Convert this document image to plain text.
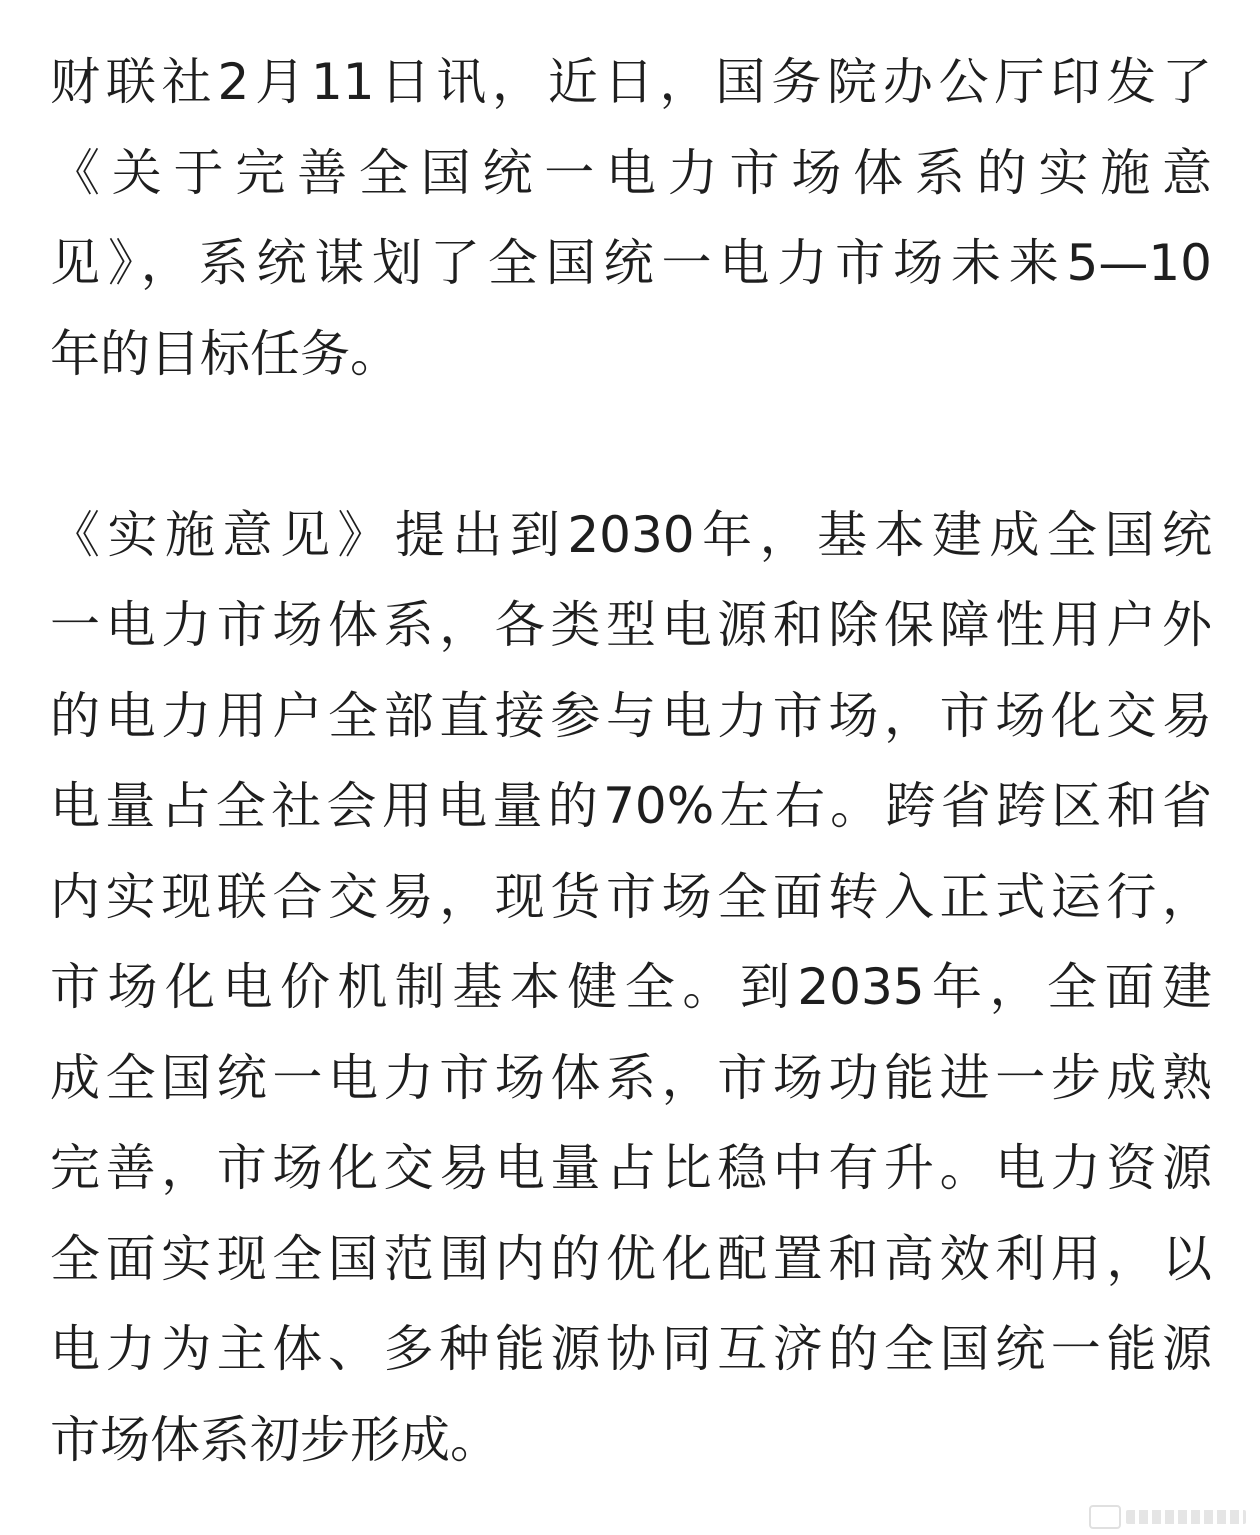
财联社2月11日讯，近日，国务院办公厅印发了
《关于完善全国统一电力市场体系的实施意
见》，系统谋划了全国统一电力市场未来5—10
年的目标任务。
《实施意见》提出到2030年，基本建成全国统
一电力市场体系，各类型电源和除保障性用户外
的电力用户全部直接参与电力市场，市场化交易
电量占全社会用电量的70%左右。跨省跨区和省
内实现联合交易，现货市场全面转入正式运行，
市场化电价机制基本健全。到2035年，全面建
成全国统一电力市场体系，市场功能进一步成熟
完善，市场化交易电量占比稳中有升。电力资源
全面实现全国范围内的优化配置和高效利用，以
电力为主体、多种能源协同互济的全国统一能源
市场体系初步形成。
